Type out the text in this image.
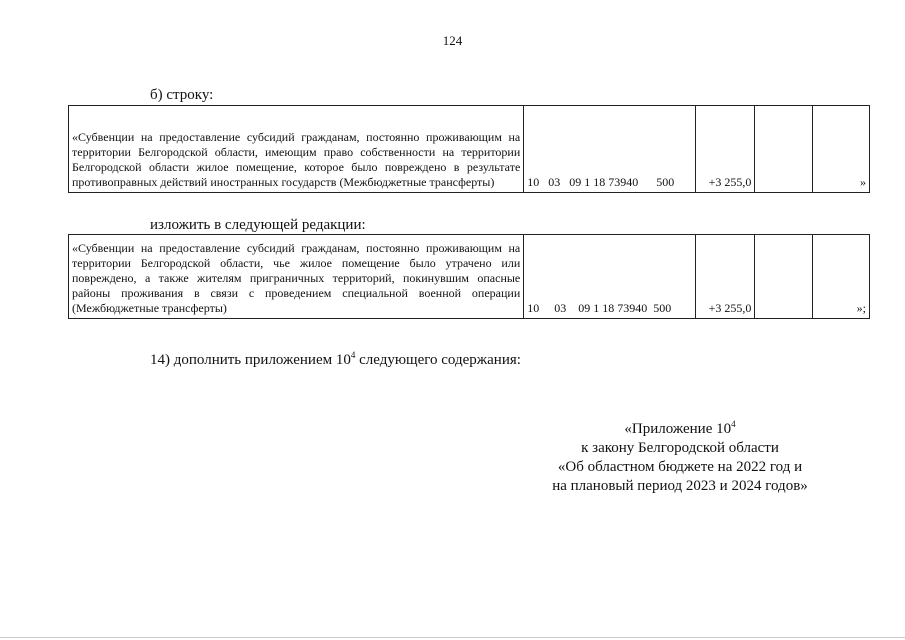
124
б) строку:
«Субвенции на предоставление субсидий гражданам, постоянно проживающим на территории Белгородской области, имеющим право собственности на территории Белгородской области жилое помещение, которое было повреждено в результате противоправных действий иностранных государств (Межбюджетные трансферты)	10 03 09 1 18 73940 500	+3 255,0		»
изложить в следующей редакции:
«Субвенции на предоставление субсидий гражданам, постоянно проживающим на территории Белгородской области, чье жилое помещение было утрачено или повреждено, а также жителям приграничных территорий, покинувшим опасные районы проживания в связи с проведением специальной военной операции (Межбюджетные трансферты)	10 03 09 1 18 73940 500	+3 255,0		»;
14) дополнить приложением $10^4$ следующего содержания:
«Приложение $10^4$
к закону Белгородской области
«Об областном бюджете на 2022 год и
на плановый период 2023 и 2024 годов»
